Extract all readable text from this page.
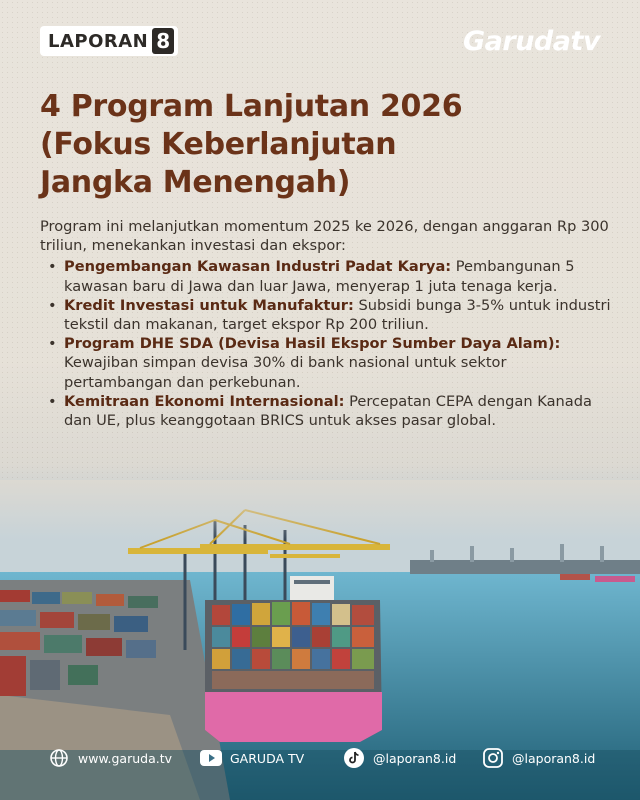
LAPORAN 8	Garudatv
4 Program Lanjutan 2026
(Fokus Keberlanjutan
Jangka Menengah)

Program ini melanjutkan momentum 2025 ke 2026, dengan anggaran Rp 300 triliun, menekankan investasi dan ekspor:

• Pengembangan Kawasan Industri Padat Karya: Pembangunan 5 kawasan baru di Jawa dan luar Jawa, menyerap 1 juta tenaga kerja.
• Kredit Investasi untuk Manufaktur: Subsidi bunga 3-5% untuk industri tekstil dan makanan, target ekspor Rp 200 triliun.
• Program DHE SDA (Devisa Hasil Ekspor Sumber Daya Alam): Kewajiban simpan devisa 30% di bank nasional untuk sektor pertambangan dan perkebunan.
• Kemitraan Ekonomi Internasional: Percepatan CEPA dengan Kanada dan UE, plus keanggotaan BRICS untuk akses pasar global.
www.garuda.tv	GARUDA TV	@laporan8.id	@laporan8.id
